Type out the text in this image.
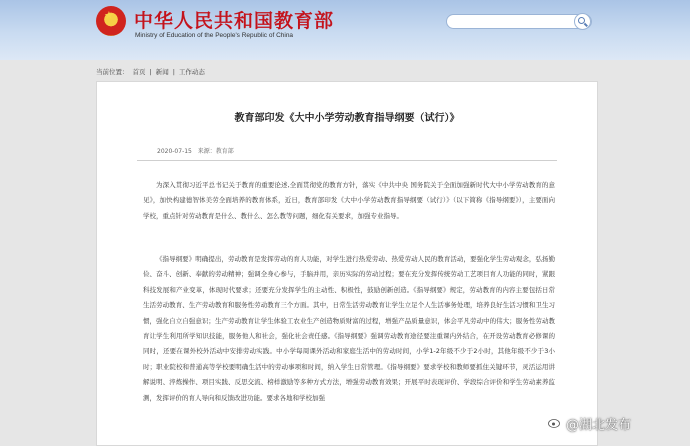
★ 中华人民共和国教育部
Ministry of Education of the People's Republic of China
当前位置： 首页 | 新闻 | 工作动态
教育部印发《大中小学劳动教育指导纲要（试行）》
2020-07-15 来源：教育部

为深入贯彻习近平总书记关于教育的重要论述,全面贯彻党的教育方针，落实《中共中央 国务院关于全面加强新时代大中小学劳动教育的意见》，加快构建德智体美劳全面培养的教育体系，近日，教育部印发《大中小学劳动教育指导纲要（试行）》（以下简称《指导纲要》），主要面向学校，重点针对劳动教育是什么、教什么、怎么教等问题，细化有关要求，加强专业指导。

《指导纲要》明确提出，劳动教育是发挥劳动的育人功能，对学生进行热爱劳动、热爱劳动人民的教育活动，要强化学生劳动观念，弘扬勤俭、奋斗、创新、奉献的劳动精神；强调全身心参与，手脑并用，亲历实际的劳动过程；要在充分发挥传统劳动工艺项目育人功能的同时，紧跟科技发展和产业变革，体现时代要求；还要充分发挥学生的主动性、积极性，鼓励创新创造。《指导纲要》规定，劳动教育的内容主要包括日常生活劳动教育、生产劳动教育和服务性劳动教育三个方面。其中，日常生活劳动教育让学生立足个人生活事务处理，培养良好生活习惯和卫生习惯，强化自立自强意识；生产劳动教育让学生体验工农业生产创造物质财富的过程，增强产品质量意识，体会平凡劳动中的伟大；服务性劳动教育让学生利用所学知识技能，服务他人和社会，强化社会责任感。《指导纲要》强调劳动教育途径要注重课内外结合，在开设劳动教育必修课的同时，还要在课外校外活动中安排劳动实践。中小学每周课外活动和家庭生活中的劳动时间，小学1-2年级不少于2小时，其他年级不少于3小时；职业院校和普通高等学校要明确生活中的劳动事项和时间，纳入学生日常管理。《指导纲要》要求学校和教师要抓住关键环节，灵活运用讲解说明、淬炼操作、项目实践、反思交流、榜样激励等多种方式方法，增强劳动教育效果；开展平时表现评价、学段综合评价和学生劳动素养监测，发挥评价的育人导向和反馈改进功能。要求各地和学校加强

@湖北发布
